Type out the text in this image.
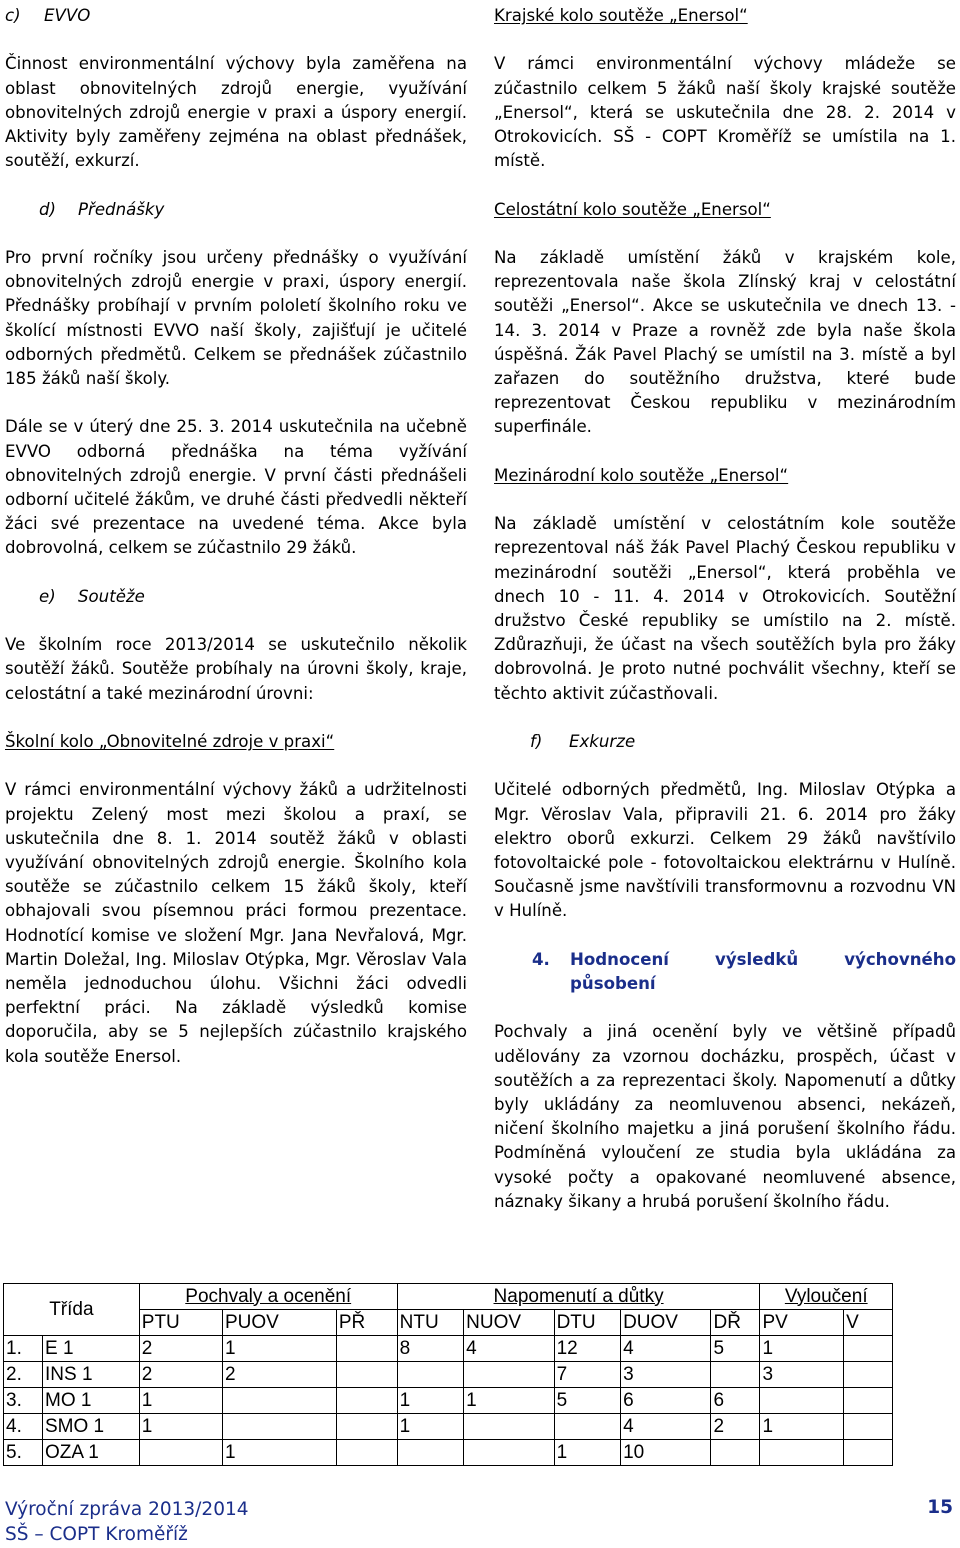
c) EVVO

Činnost environmentální výchovy byla zaměřena na oblast obnovitelných zdrojů energie, využívání obnovitelných zdrojů energie v praxi a úspory energií. Aktivity byly zaměřeny zejména na oblast přednášek, soutěží, exkurzí.

d) Přednášky

Pro první ročníky jsou určeny přednášky o využívání obnovitelných zdrojů energie v praxi, úspory energií. Přednášky probíhají v prvním pololetí školního roku ve školící místnosti EVVO naší školy, zajišťují je učitelé odborných předmětů. Celkem se přednášek zúčastnilo 185 žáků naší školy.

Dále se v úterý dne 25. 3. 2014 uskutečnila na učebně EVVO odborná přednáška na téma vyžívání obnovitelných zdrojů energie. V první části přednášeli odborní učitelé žákům, ve druhé části předvedli někteří žáci své prezentace na uvedené téma. Akce byla dobrovolná, celkem se zúčastnilo 29 žáků.

e) Soutěže

Ve školním roce 2013/2014 se uskutečnilo několik soutěží žáků. Soutěže probíhaly na úrovni školy, kraje, celostátní a také mezinárodní úrovni:

Školní kolo „Obnovitelné zdroje v praxi“

V rámci environmentální výchovy žáků a udržitelnosti projektu Zelený most mezi školou a praxí, se uskutečnila dne 8. 1. 2014 soutěž žáků v oblasti využívání obnovitelných zdrojů energie. Školního kola soutěže se zúčastnilo celkem 15 žáků školy, kteří obhajovali svou písemnou práci formou prezentace. Hodnotící komise ve složení Mgr. Jana Nevřalová, Mgr. Martin Doležal, Ing. Miloslav Otýpka, Mgr. Věroslav Vala neměla jednoduchou úlohu. Všichni žáci odvedli perfektní práci. Na základě výsledků komise doporučila, aby se 5 nejlepších zúčastnilo krajského kola soutěže Enersol.

Krajské kolo soutěže „Enersol“

V rámci environmentální výchovy mládeže se zúčastnilo celkem 5 žáků naší školy krajské soutěže „Enersol“, která se uskutečnila dne 28. 2. 2014 v Otrokovicích. SŠ - COPT Kroměříž se umístila na 1. místě.

Celostátní kolo soutěže „Enersol“

Na základě umístění žáků v krajském kole, reprezentovala naše škola Zlínský kraj v celostátní soutěži „Enersol“. Akce se uskutečnila ve dnech 13. - 14. 3. 2014 v Praze a rovněž zde byla naše škola úspěšná. Žák Pavel Plachý se umístil na 3. místě a byl zařazen do soutěžního družstva, které bude reprezentovat Českou republiku v mezinárodním superfinále.

Mezinárodní kolo soutěže „Enersol“

Na základě umístění v celostátním kole soutěže reprezentoval náš žák Pavel Plachý Českou republiku v mezinárodní soutěži „Enersol“, která proběhla ve dnech 10 - 11. 4. 2014 v Otrokovicích. Soutěžní družstvo České republiky se umístilo na 2. místě. Zdůrazňuji, že účast na všech soutěžích byla pro žáky dobrovolná. Je proto nutné pochválit všechny, kteří se těchto aktivit zúčastňovali.

f) Exkurze

Učitelé odborných předmětů, Ing. Miloslav Otýpka a Mgr. Věroslav Vala, připravili 21. 6. 2014 pro žáky elektro oborů exkurzi. Celkem 29 žáků navštívilo fotovoltaické pole - fotovoltaickou elektrárnu v Hulíně. Současně jsme navštívili transformovnu a rozvodnu VN v Hulíně.

4.	Hodnocení výsledků výchovného působení

Pochvaly a jiná ocenění byly ve většině případů udělovány za vzornou docházku, prospěch, účast v soutěžích a za reprezentaci školy. Napomenutí a důtky byly ukládány za neomluvenou absenci, nekázeň, ničení školního majetku a jiná porušení školního řádu. Podmíněná vyloučení ze studia byla ukládána za vysoké počty a opakované neomluvené absence, náznaky šikany a hrubá porušení školního řádu.

Třída		Pochvaly a ocenění			Napomenutí a důtky					Vyloučení	
		PTU	PUOV	PŘ	NTU	NUOV	DTU	DUOV	DŘ	PV	V
1.	E 1	2	1		8	4	12	4	5	1	
2.	INS 1	2	2				7	3		3	
3.	MO 1	1			1	1	5	6	6		
4.	SMO 1	1			1			4	2	1	
5.	OZA 1		1				1	10			
Výroční zpráva 2013/2014
SŠ – COPT Kroměříž
15
